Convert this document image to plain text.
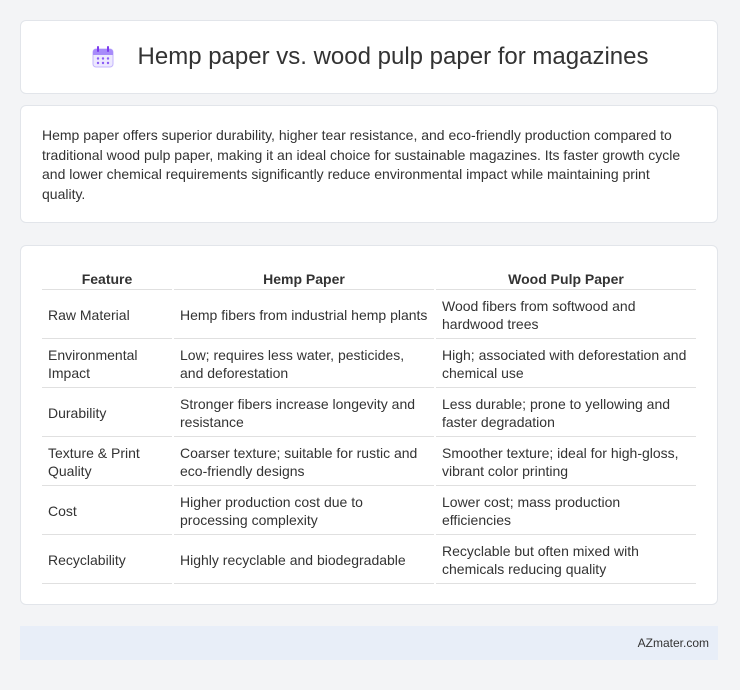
Hemp paper vs. wood pulp paper for magazines

Hemp paper offers superior durability, higher tear resistance, and eco-friendly production compared to traditional wood pulp paper, making it an ideal choice for sustainable magazines. Its faster growth cycle and lower chemical requirements significantly reduce environmental impact while maintaining print quality.

Feature	Hemp Paper	Wood Pulp Paper
Raw Material	Hemp fibers from industrial hemp plants	Wood fibers from softwood and hardwood trees
Environmental Impact	Low; requires less water, pesticides, and deforestation	High; associated with deforestation and chemical use
Durability	Stronger fibers increase longevity and resistance	Less durable; prone to yellowing and faster degradation
Texture & Print Quality	Coarser texture; suitable for rustic and eco-friendly designs	Smoother texture; ideal for high-gloss, vibrant color printing
Cost	Higher production cost due to processing complexity	Lower cost; mass production efficiencies
Recyclability	Highly recyclable and biodegradable	Recyclable but often mixed with chemicals reducing quality
AZmater.com
